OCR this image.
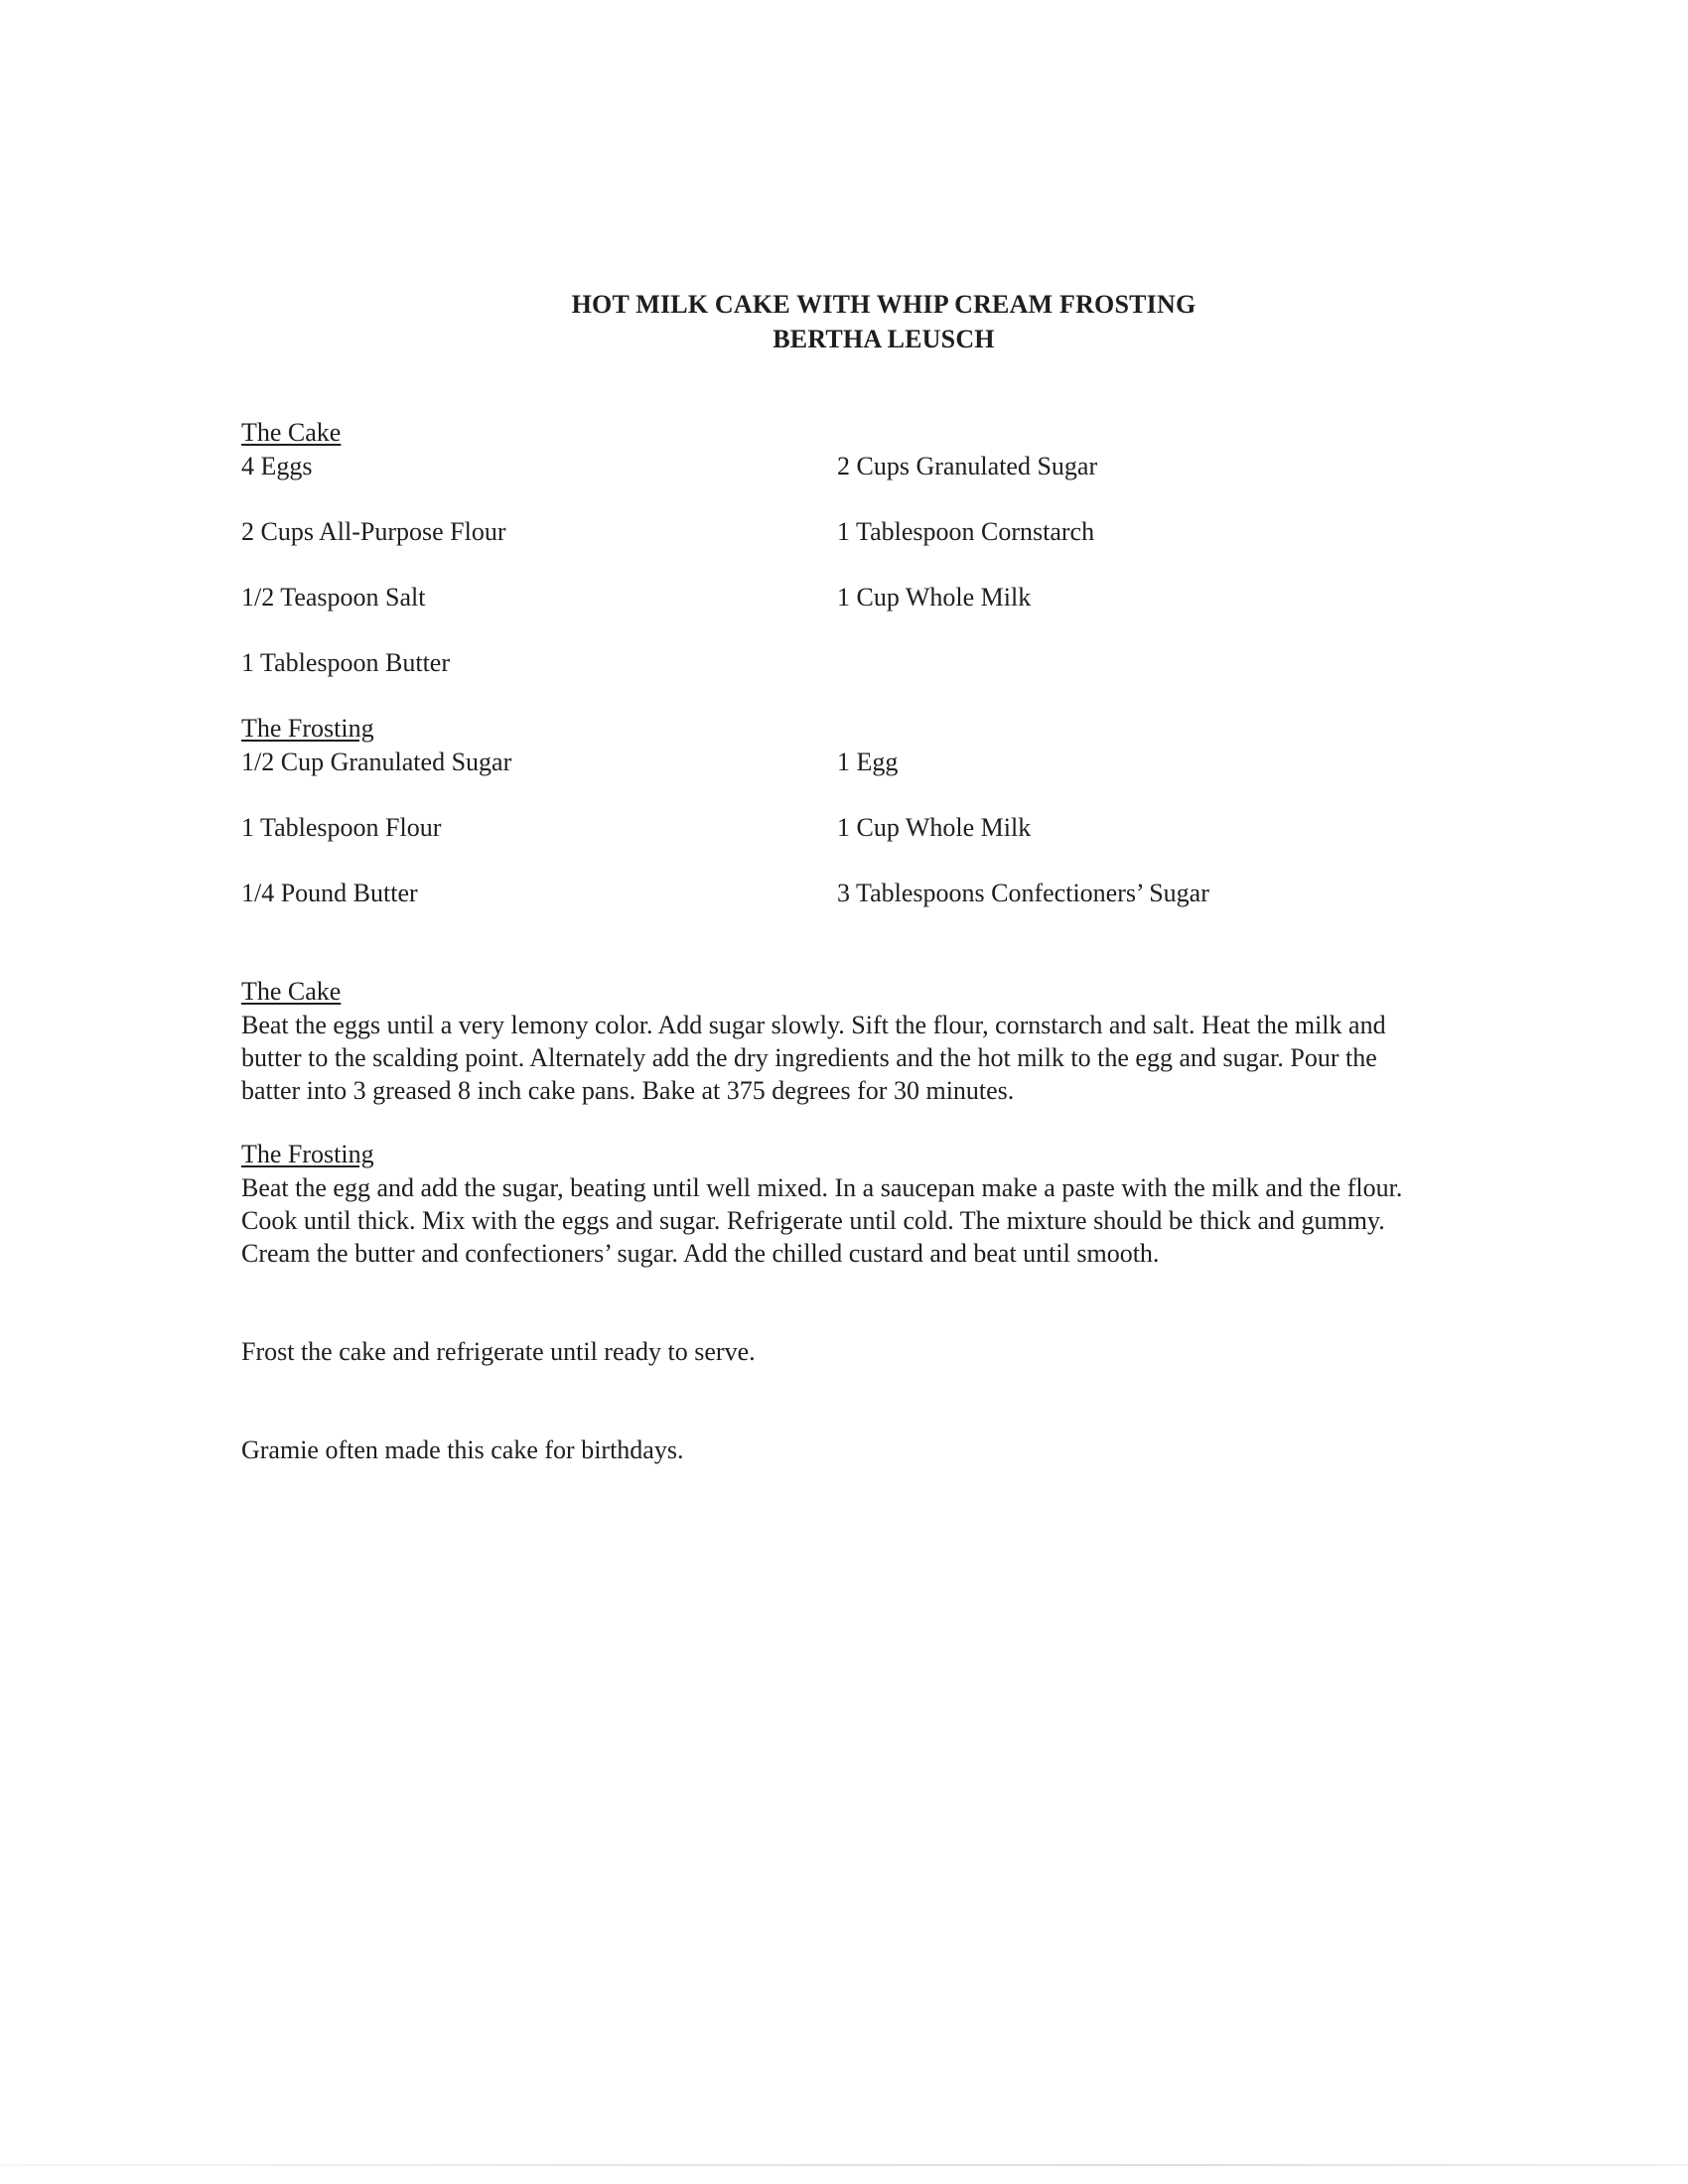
HOT MILK CAKE WITH WHIP CREAM FROSTING
BERTHA LEUSCH
The Cake
4 Eggs	2 Cups Granulated Sugar
2 Cups All-Purpose Flour	1 Tablespoon Cornstarch
1/2 Teaspoon Salt	1 Cup Whole Milk
1 Tablespoon Butter
The Frosting
1/2 Cup Granulated Sugar	1 Egg
1 Tablespoon Flour	1 Cup Whole Milk
1/4 Pound Butter	3 Tablespoons Confectioners’ Sugar
The Cake
Beat the eggs until a very lemony color. Add sugar slowly. Sift the flour, cornstarch and salt. Heat the milk and butter to the scalding point. Alternately add the dry ingredients and the hot milk to the egg and sugar. Pour the batter into 3 greased 8 inch cake pans. Bake at 375 degrees for 30 minutes.
The Frosting
Beat the egg and add the sugar, beating until well mixed. In a saucepan make a paste with the milk and the flour. Cook until thick. Mix with the eggs and sugar. Refrigerate until cold. The mixture should be thick and gummy. Cream the butter and confectioners’ sugar. Add the chilled custard and beat until smooth.
Frost the cake and refrigerate until ready to serve.
Gramie often made this cake for birthdays.
